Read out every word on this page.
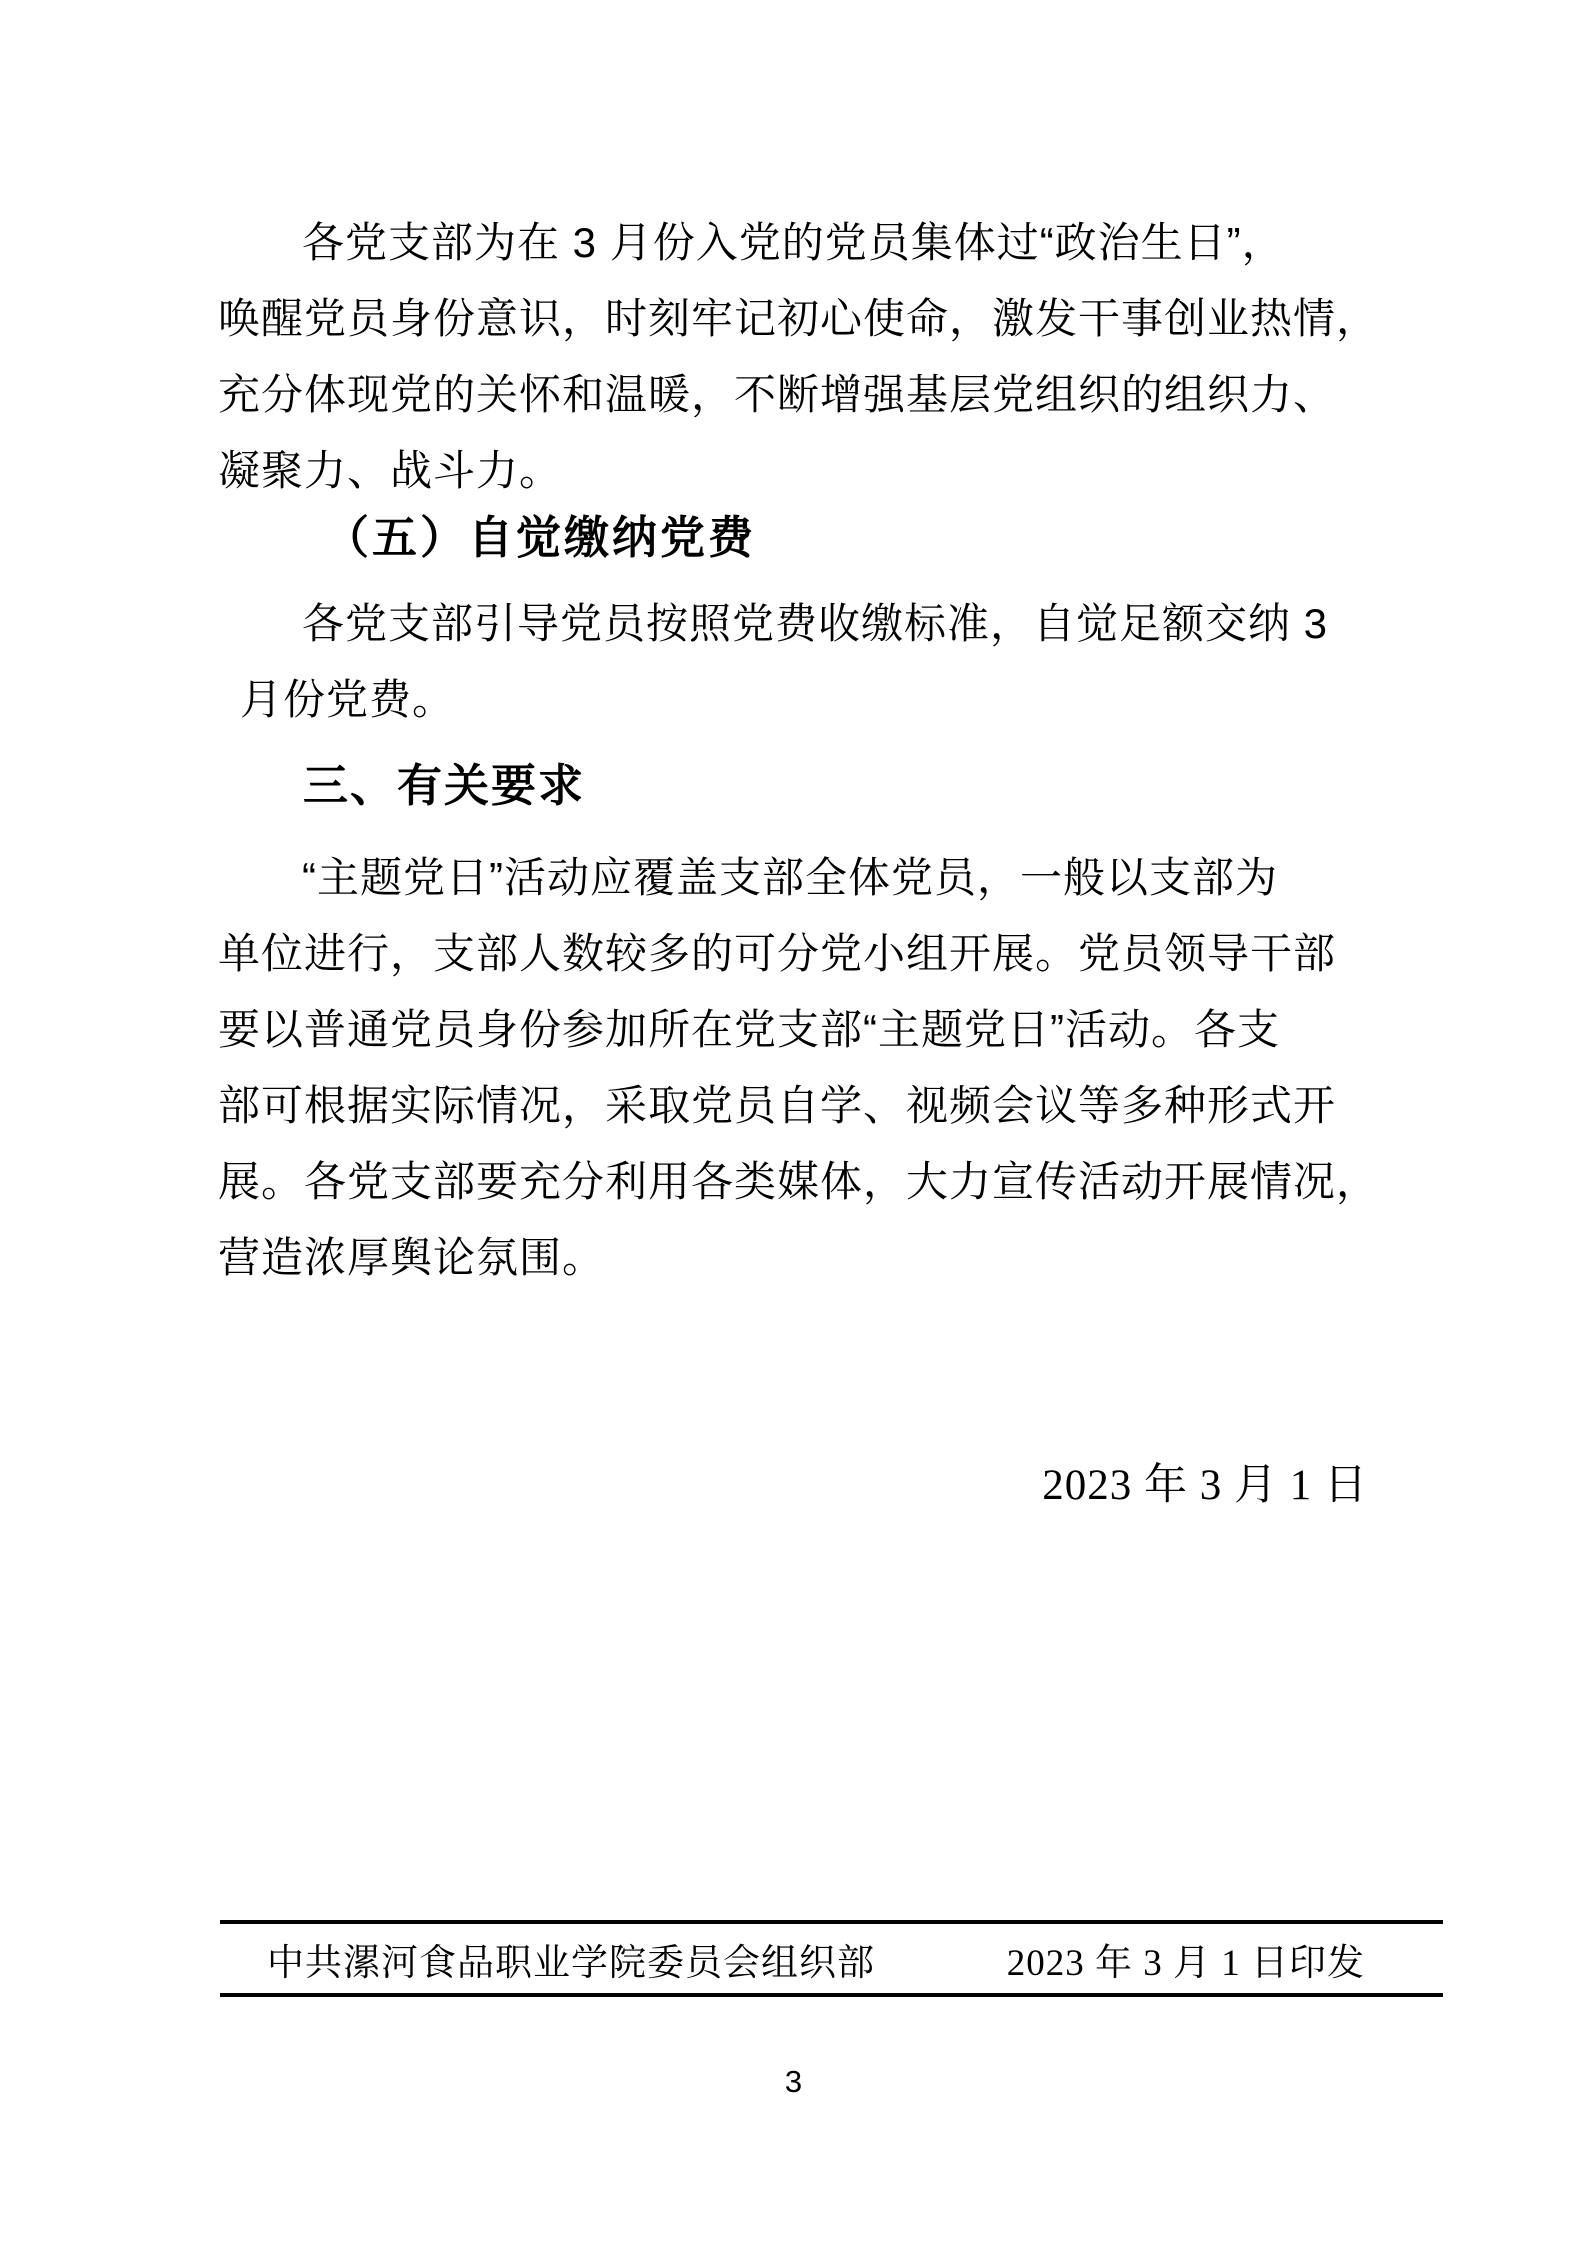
各党支部为在 3 月份入党的党员集体过“政治生日”，
唤醒党员身份意识，时刻牢记初心使命，激发干事创业热情，
充分体现党的关怀和温暖，不断增强基层党组织的组织力、
凝聚力、战斗力。
（五）自觉缴纳党费
各党支部引导党员按照党费收缴标准，自觉足额交纳 3
月份党费。
三、有关要求
“主题党日”活动应覆盖支部全体党员，一般以支部为
单位进行，支部人数较多的可分党小组开展。党员领导干部
要以普通党员身份参加所在党支部“主题党日”活动。各支
部可根据实际情况，采取党员自学、视频会议等多种形式开
展。各党支部要充分利用各类媒体，大力宣传活动开展情况，
营造浓厚舆论氛围。
2023 年 3 月 1 日
中共漯河食品职业学院委员会组织部	2023 年 3 月 1 日印发
3
